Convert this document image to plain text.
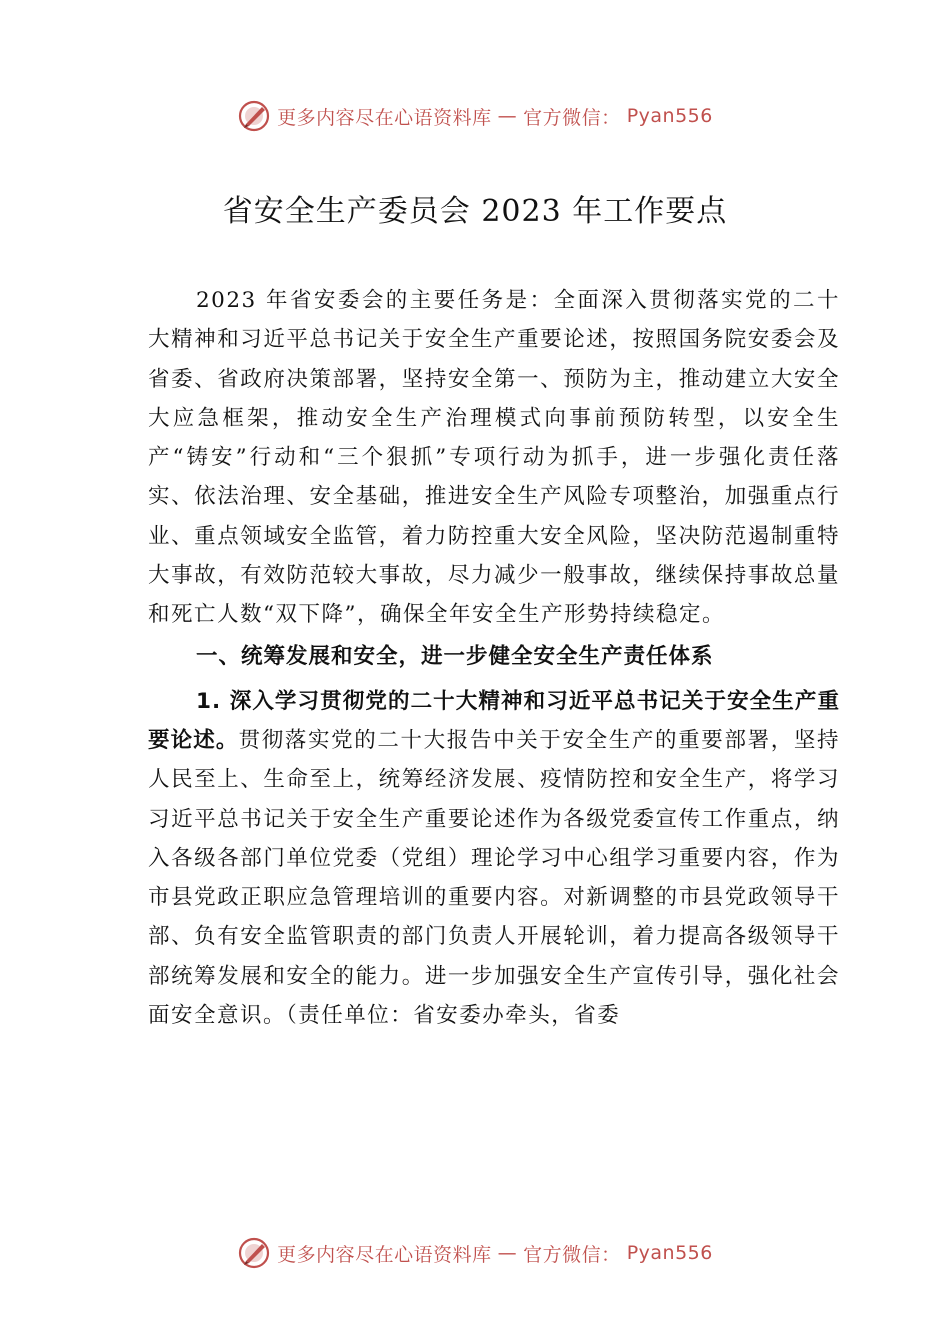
更多内容尽在心语资料库 — 官方微信： Pyan556
省安全生产委员会 2023 年工作要点

2023 年省安委会的主要任务是：全面深入贯彻落实党的二十大精神和习近平总书记关于安全生产重要论述，按照国务院安委会及省委、省政府决策部署，坚持安全第一、预防为主，推动建立大安全大应急框架，推动安全生产治理模式向事前预防转型，以安全生产“铸安”行动和“三个狠抓”专项行动为抓手，进一步强化责任落实、依法治理、安全基础，推进安全生产风险专项整治，加强重点行业、重点领域安全监管，着力防控重大安全风险，坚决防范遏制重特大事故，有效防范较大事故，尽力减少一般事故，继续保持事故总量和死亡人数“双下降”，确保全年安全生产形势持续稳定。

一、统筹发展和安全，进一步健全安全生产责任体系

1. 深入学习贯彻党的二十大精神和习近平总书记关于安全生产重要论述。贯彻落实党的二十大报告中关于安全生产的重要部署，坚持人民至上、生命至上，统筹经济发展、疫情防控和安全生产，将学习习近平总书记关于安全生产重要论述作为各级党委宣传工作重点，纳入各级各部门单位党委（党组）理论学习中心组学习重要内容，作为市县党政正职应急管理培训的重要内容。对新调整的市县党政领导干部、负有安全监管职责的部门负责人开展轮训，着力提高各级领导干部统筹发展和安全的能力。进一步加强安全生产宣传引导，强化社会面安全意识。（责任单位：省安委办牵头，省委

更多内容尽在心语资料库 — 官方微信： Pyan556
